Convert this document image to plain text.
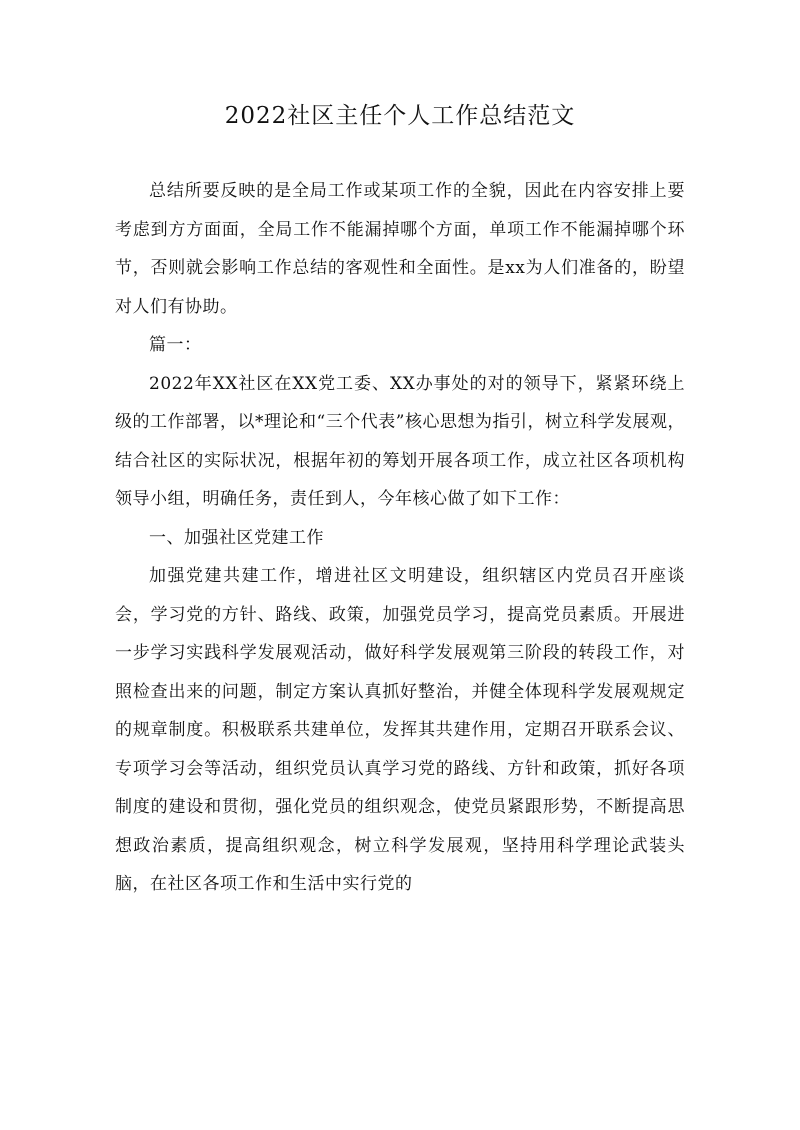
2022社区主任个人工作总结范文

总结所要反映的是全局工作或某项工作的全貌，因此在内容安排上要考虑到方方面面，全局工作不能漏掉哪个方面，单项工作不能漏掉哪个环节，否则就会影响工作总结的客观性和全面性。是xx为人们准备的，盼望对人们有协助。

篇一：

2022年XX社区在XX党工委、XX办事处的对的领导下，紧紧环绕上级的工作部署，以*理论和“三个代表”核心思想为指引，树立科学发展观，结合社区的实际状况，根据年初的筹划开展各项工作，成立社区各项机构领导小组，明确任务，责任到人，今年核心做了如下工作：

一、加强社区党建工作

加强党建共建工作，增进社区文明建设，组织辖区内党员召开座谈会，学习党的方针、路线、政策，加强党员学习，提高党员素质。开展进一步学习实践科学发展观活动，做好科学发展观第三阶段的转段工作，对照检查出来的问题，制定方案认真抓好整治，并健全体现科学发展观规定的规章制度。积极联系共建单位，发挥其共建作用，定期召开联系会议、专项学习会等活动，组织党员认真学习党的路线、方针和政策，抓好各项制度的建设和贯彻，强化党员的组织观念，使党员紧跟形势，不断提高思想政治素质，提高组织观念，树立科学发展观，坚持用科学理论武装头脑，在社区各项工作和生活中实行党的
